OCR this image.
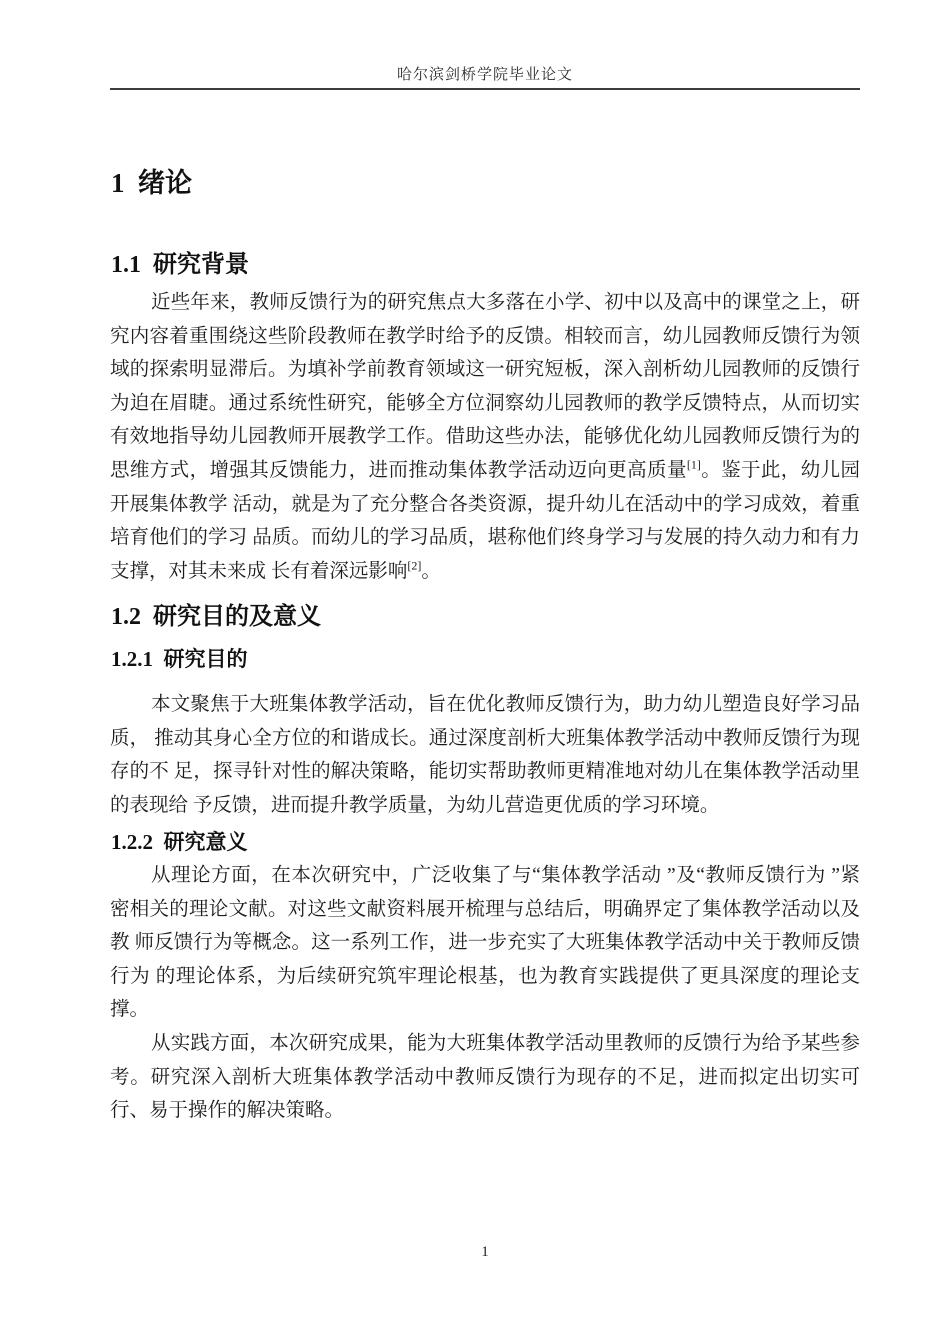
哈尔滨剑桥学院毕业论文
1  绪论
1.1  研究背景
近些年来，教师反馈行为的研究焦点大多落在小学、初中以及高中的课堂之上，研究内容着重围绕这些阶段教师在教学时给予的反馈。相较而言，幼儿园教师反馈行为领域的探索明显滞后。为填补学前教育领域这一研究短板，深入剖析幼儿园教师的反馈行为迫在眉睫。通过系统性研究，能够全方位洞察幼儿园教师的教学反馈特点，从而切实有效地指导幼儿园教师开展教学工作。借助这些办法，能够优化幼儿园教师反馈行为的思维方式，增强其反馈能力，进而推动集体教学活动迈向更高质量[1]。鉴于此，幼儿园开展集体教学 活动，就是为了充分整合各类资源，提升幼儿在活动中的学习成效，着重培育他们的学习 品质。而幼儿的学习品质，堪称他们终身学习与发展的持久动力和有力支撑，对其未来成 长有着深远影响[2]。
1.2  研究目的及意义
1.2.1  研究目的
本文聚焦于大班集体教学活动，旨在优化教师反馈行为，助力幼儿塑造良好学习品质， 推动其身心全方位的和谐成长。通过深度剖析大班集体教学活动中教师反馈行为现存的不 足，探寻针对性的解决策略，能切实帮助教师更精准地对幼儿在集体教学活动里的表现给 予反馈，进而提升教学质量，为幼儿营造更优质的学习环境。
1.2.2  研究意义
从理论方面，在本次研究中，广泛收集了与“集体教学活动 ”及“教师反馈行为 ”紧 密相关的理论文献。对这些文献资料展开梳理与总结后，明确界定了集体教学活动以及教 师反馈行为等概念。这一系列工作，进一步充实了大班集体教学活动中关于教师反馈行为 的理论体系，为后续研究筑牢理论根基，也为教育实践提供了更具深度的理论支撑。
从实践方面，本次研究成果，能为大班集体教学活动里教师的反馈行为给予某些参考。研究深入剖析大班集体教学活动中教师反馈行为现存的不足，进而拟定出切实可行、易于操作的解决策略。
1
